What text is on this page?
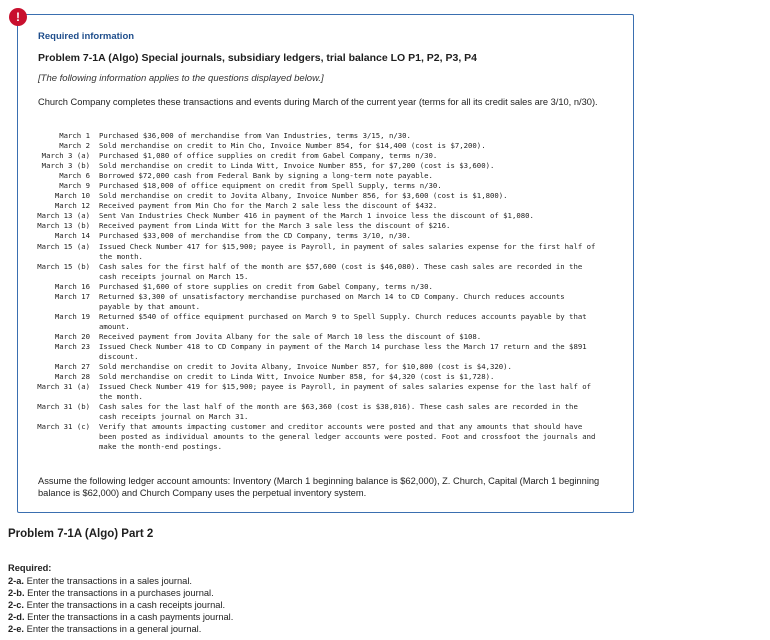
!
Required information
Problem 7-1A (Algo) Special journals, subsidiary ledgers, trial balance LO P1, P2, P3, P4
[The following information applies to the questions displayed below.]
Church Company completes these transactions and events during March of the current year (terms for all its credit sales are 3/10, n/30).
March 1	Purchased $36,000 of merchandise from Van Industries, terms 3/15, n/30.
March 2	Sold merchandise on credit to Min Cho, Invoice Number 854, for $14,400 (cost is $7,200).
March 3 (a)	Purchased $1,080 of office supplies on credit from Gabel Company, terms n/30.
March 3 (b)	Sold merchandise on credit to Linda Witt, Invoice Number 855, for $7,200 (cost is $3,600).
March 6	Borrowed $72,000 cash from Federal Bank by signing a long-term note payable.
March 9	Purchased $18,000 of office equipment on credit from Spell Supply, terms n/30.
March 10	Sold merchandise on credit to Jovita Albany, Invoice Number 856, for $3,600 (cost is $1,800).
March 12	Received payment from Min Cho for the March 2 sale less the discount of $432.
March 13 (a)	Sent Van Industries Check Number 416 in payment of the March 1 invoice less the discount of $1,080.
March 13 (b)	Received payment from Linda Witt for the March 3 sale less the discount of $216.
March 14	Purchased $33,000 of merchandise from the CD Company, terms 3/10, n/30.
March 15 (a)	Issued Check Number 417 for $15,900; payee is Payroll, in payment of sales salaries expense for the first half of the month.
March 15 (b)	Cash sales for the first half of the month are $57,600 (cost is $46,080). These cash sales are recorded in the cash receipts journal on March 15.
March 16	Purchased $1,600 of store supplies on credit from Gabel Company, terms n/30.
March 17	Returned $3,300 of unsatisfactory merchandise purchased on March 14 to CD Company. Church reduces accounts payable by that amount.
March 19	Returned $540 of office equipment purchased on March 9 to Spell Supply. Church reduces accounts payable by that amount.
March 20	Received payment from Jovita Albany for the sale of March 10 less the discount of $108.
March 23	Issued Check Number 418 to CD Company in payment of the March 14 purchase less the March 17 return and the $891 discount.
March 27	Sold merchandise on credit to Jovita Albany, Invoice Number 857, for $10,800 (cost is $4,320).
March 28	Sold merchandise on credit to Linda Witt, Invoice Number 858, for $4,320 (cost is $1,728).
March 31 (a)	Issued Check Number 419 for $15,900; payee is Payroll, in payment of sales salaries expense for the last half of the month.
March 31 (b)	Cash sales for the last half of the month are $63,360 (cost is $38,016). These cash sales are recorded in the cash receipts journal on March 31.
March 31 (c)	Verify that amounts impacting customer and creditor accounts were posted and that any amounts that should have been posted as individual amounts to the general ledger accounts were posted. Foot and crossfoot the journals and make the month-end postings.
Assume the following ledger account amounts: Inventory (March 1 beginning balance is $62,000), Z. Church, Capital (March 1 beginning balance is $62,000) and Church Company uses the perpetual inventory system.
Problem 7-1A (Algo) Part 2
Required:
2-a. Enter the transactions in a sales journal.
2-b. Enter the transactions in a purchases journal.
2-c. Enter the transactions in a cash receipts journal.
2-d. Enter the transactions in a cash payments journal.
2-e. Enter the transactions in a general journal.
